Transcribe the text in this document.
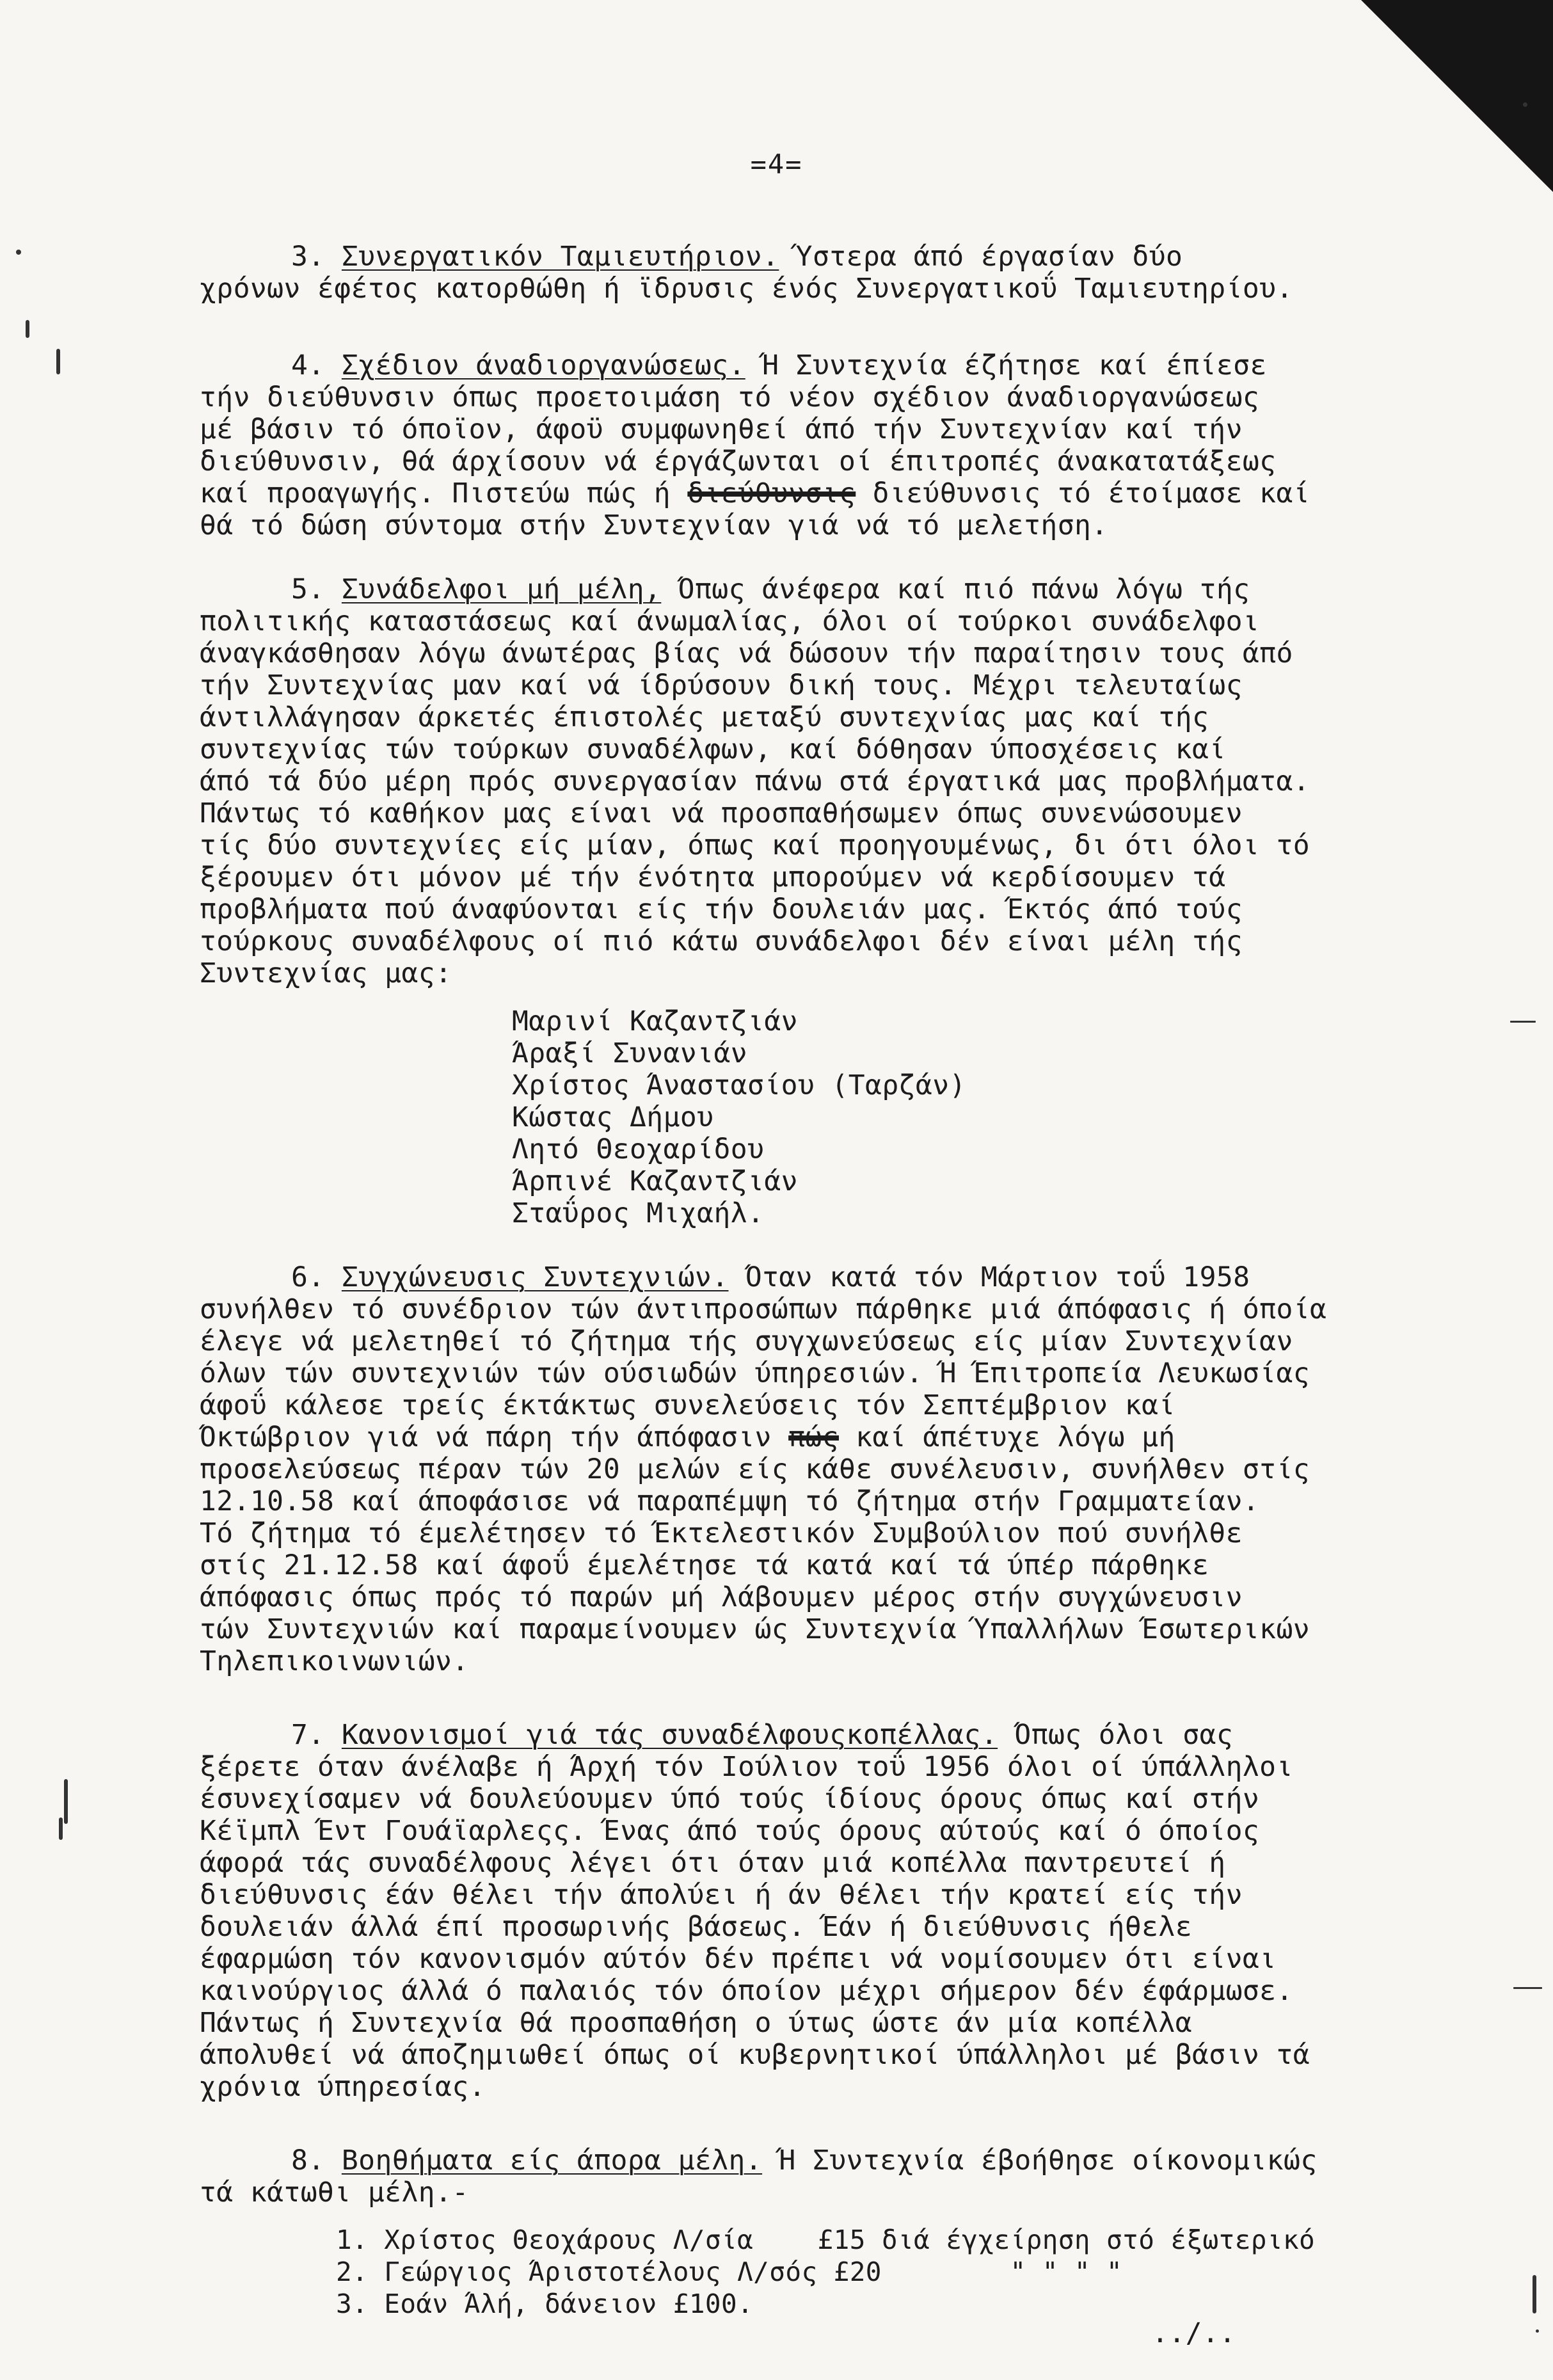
=4=
3. Συνεργατικόν Ταμιευτήριον. Ύστερα άπό έργασίαν δύο
χρόνων έφέτος κατορθώθη ή ϊδρυσις ένός Συνεργατικοΰ Ταμιευτηρίου.
4. Σχέδιον άναδιοργανώσεως. Ή Συντεχνία έζήτησε καί έπίεσε
τήν διεύθυνσιν όπως προετοιμάση τό νέον σχέδιον άναδιοργανώσεως
μέ βάσιν τό όποϊον, άφοϋ συμφωνηθεί άπό τήν Συντεχνίαν καί τήν
διεύθυνσιν, θά άρχίσουν νά έργάζωνται οί έπιτροπές άνακατατάξεως
καί προαγωγής. Πιστεύω πώς ή διεύθυνσις διεύθυνσις τό έτοίμασε καί
θά τό δώση σύντομα στήν Συντεχνίαν γιά νά τό μελετήση.
5. Συνάδελφοι μή μέλη, Όπως άνέφερα καί πιό πάνω λόγω τής
πολιτικής καταστάσεως καί άνωμαλίας, όλοι οί τούρκοι συνάδελφοι
άναγκάσθησαν λόγω άνωτέρας βίας νά δώσουν τήν παραίτησιν τους άπό
τήν Συντεχνίας μαν καί νά ίδρύσουν δική τους. Μέχρι τελευταίως
άντιλλάγησαν άρκετές έπιστολές μεταξύ συντεχνίας μας καί τής
συντεχνίας τών τούρκων συναδέλφων, καί δόθησαν ύποσχέσεις καί
άπό τά δύο μέρη πρός συνεργασίαν πάνω στά έργατικά μας προβλήματα.
Πάντως τό καθήκον μας είναι νά προσπαθήσωμεν όπως συνενώσουμεν
τίς δύο συντεχνίες είς μίαν, όπως καί προηγουμένως, δι ότι όλοι τό
ξέρουμεν ότι μόνον μέ τήν ένότητα μπορούμεν νά κερδίσουμεν τά
προβλήματα πού άναφύονται είς τήν δουλειάν μας. Έκτός άπό τούς
τούρκους συναδέλφους οί πιό κάτω συνάδελφοι δέν είναι μέλη τής
Συντεχνίας μας:
Μαρινί Καζαντζιάν
Άραξί Συνανιάν
Χρίστος Άναστασίου (Ταρζάν)
Κώστας Δήμου
Λητό Θεοχαρίδου
Άρπινέ Καζαντζιάν
Σταΰρος Μιχαήλ.
6. Συγχώνευσις Συντεχνιών. Όταν κατά τόν Μάρτιον τοΰ 1958
συνήλθεν τό συνέδριον τών άντιπροσώπων πάρθηκε μιά άπόφασις ή όποία
έλεγε νά μελετηθεί τό ζήτημα τής συγχωνεύσεως είς μίαν Συντεχνίαν
όλων τών συντεχνιών τών ούσιωδών ύπηρεσιών. Ή Έπιτροπεία Λευκωσίας
άφοΰ κάλεσε τρείς έκτάκτως συνελεύσεις τόν Σεπτέμβριον καί
Όκτώβριον γιά νά πάρη τήν άπόφασιν πώς καί άπέτυχε λόγω μή
προσελεύσεως πέραν τών 20 μελών είς κάθε συνέλευσιν, συνήλθεν στίς
12.10.58 καί άποφάσισε νά παραπέμψη τό ζήτημα στήν Γραμματείαν.
Τό ζήτημα τό έμελέτησεν τό Έκτελεστικόν Συμβούλιον πού συνήλθε
στίς 21.12.58 καί άφοΰ έμελέτησε τά κατά καί τά ύπέρ πάρθηκε
άπόφασις όπως πρός τό παρών μή λάβουμεν μέρος στήν συγχώνευσιν
τών Συντεχνιών καί παραμείνουμεν ώς Συντεχνία Ύπαλλήλων Έσωτερικών
Τηλεπικοινωνιών.
7. Κανονισμοί γιά τάς συναδέλφουςκοπέλλας. Όπως όλοι σας
ξέρετε όταν άνέλαβε ή Άρχή τόν Ιούλιον τοΰ 1956 όλοι οί ύπάλληλοι
έσυνεχίσαμεν νά δουλεύουμεν ύπό τούς ίδίους όρους όπως καί στήν
Κέϊμπλ Έντ Γουάϊαρλεςς. Ένας άπό τούς όρους αύτούς καί ό όποίος
άφορά τάς συναδέλφους λέγει ότι όταν μιά κοπέλλα παντρευτεί ή
διεύθυνσις έάν θέλει τήν άπολύει ή άν θέλει τήν κρατεί είς τήν
δουλειάν άλλά έπί προσωρινής βάσεως. Έάν ή διεύθυνσις ήθελε
έφαρμώση τόν κανονισμόν αύτόν δέν πρέπει νά νομίσουμεν ότι είναι
καινούργιος άλλά ό παλαιός τόν όποίον μέχρι σήμερον δέν έφάρμωσε.
Πάντως ή Συντεχνία θά προσπαθήση ο ύτως ώστε άν μία κοπέλλα
άπολυθεί νά άποζημιωθεί όπως οί κυβερνητικοί ύπάλληλοι μέ βάσιν τά
χρόνια ύπηρεσίας.
8. Βοηθήματα είς άπορα μέλη. Ή Συντεχνία έβοήθησε οίκονομικώς
τά κάτωθι μέλη.-
1. Χρίστος Θεοχάρους Λ/σία    £15 διά έγχείρηση στό έξωτερικό
2. Γεώργιος Άριστοτέλους Λ/σός £20        " " " "
3. Εοάν Άλή, δάνειον £100.
../..
